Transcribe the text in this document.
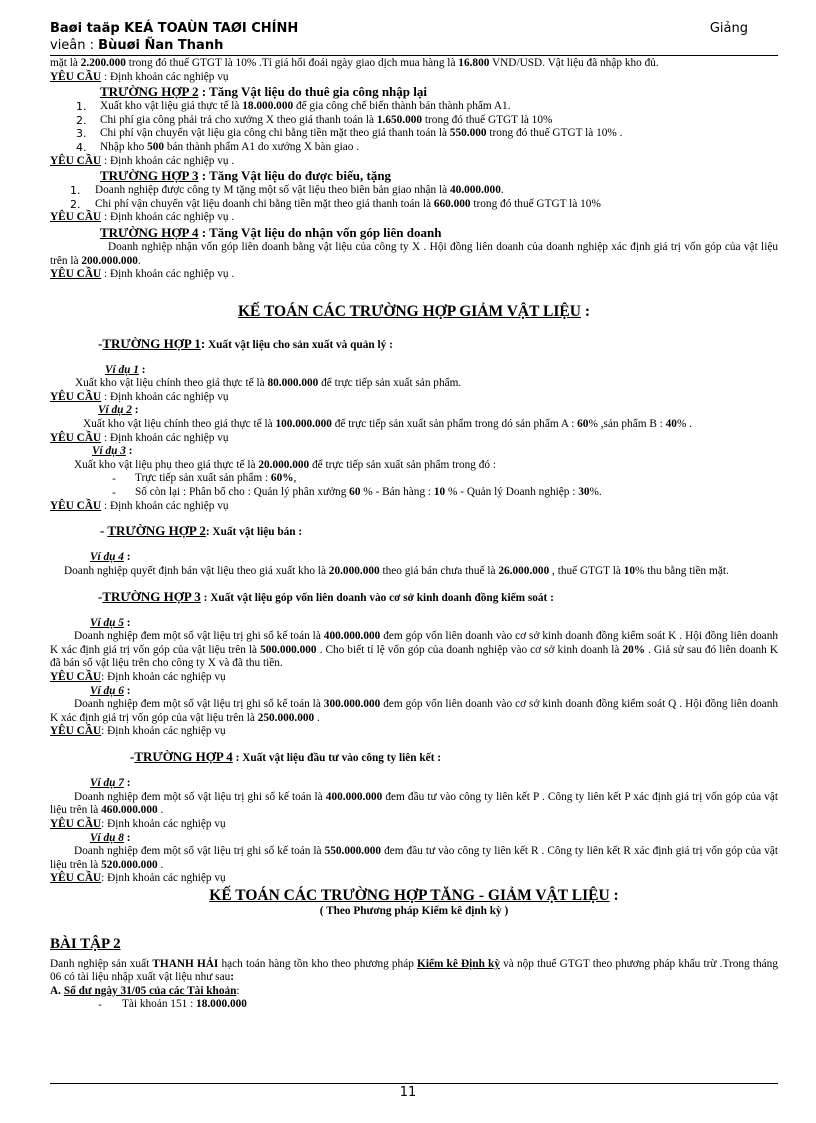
Baøi taäp KEÁ TOAÙN TAØI CHÍNH	Giảng
vieân : Bùuøi Ñan Thanh

mặt là 2.200.000 trong đó thuế GTGT là 10% .Tỉ giá hối đoái ngày giao dịch mua hàng là 16.800 VND/USD. Vật liệu đã nhập kho đủ.

YÊU CẦU : Định khoản các nghiệp vụ

TRƯỜNG HỢP 2 : Tăng Vật liệu do thuê gia công nhập lại

1. Xuất kho vật liệu giá thực tế là 18.000.000 để gia công chế biến thành bán thành phẩm A1.
2. Chi phí gia công phải trả cho xưởng X theo giá thanh toán là 1.650.000 trong đó thuế GTGT là 10%
3. Chi phí vận chuyển vật liệu gia công chi bằng tiền mặt theo giá thanh toán là 550.000 trong đó thuế GTGT là 10% .
4. Nhập kho 500 bán thành phẩm A1 do xưởng X bàn giao .

YÊU CẦU : Định khoản các nghiệp vụ .

TRƯỜNG HỢP 3 : Tăng Vật liệu do được biếu, tặng

1. Doanh nghiệp được công ty M tặng một số vật liệu theo biên bản giao nhận là 40.000.000.
2. Chi phí vận chuyển vật liệu doanh chi bằng tiền mặt theo giá thanh toán là 660.000 trong đó thuế GTGT là 10%

YÊU CẦU : Định khoản các nghiệp vụ .

TRƯỜNG HỢP 4 : Tăng Vật liệu do nhận vốn góp liên doanh

Doanh nghiệp nhận vốn góp liên doanh bằng vật liệu của công ty X . Hội đồng liên doanh của doanh nghiệp xác định giá trị vốn góp của vật liệu trên là 200.000.000.

YÊU CẦU : Định khoản các nghiệp vụ .

KẾ TOÁN CÁC TRƯỜNG HỢP GIẢM VẬT LIỆU :

-TRƯỜNG HỢP 1: Xuất vật liệu cho sản xuất và quản lý :

Ví dụ 1 :

Xuất kho vật liệu chính theo giá thực tế là 80.000.000 để trực tiếp sản xuất sản phẩm.

YÊU CẦU : Định khoản các nghiệp vụ

Ví dụ 2 :

Xuất kho vật liệu chính theo giá thực tế là 100.000.000 để trực tiếp sản xuất sản phẩm trong dó sản phẩm A : 60% ,sản phẩm B : 40% .

YÊU CẦU : Định khoản các nghiệp vụ

Ví dụ 3 :

Xuất kho vật liệu phụ theo giá thực tế là 20.000.000 để trực tiếp sản xuất sản phẩm trong đó :

- Trực tiếp sản xuất sản phẩm : 60%,
- Số còn lại : Phân bổ cho : Quản lý phân xưởng 60 % - Bán hàng : 10 % - Quản lý Doanh nghiệp : 30%.

YÊU CẦU : Định khoản các nghiệp vụ

- TRƯỜNG HỢP 2: Xuất vật liệu bán :

Ví dụ 4 :

Doanh nghiệp quyết định bán vật liệu theo giá xuất kho là 20.000.000 theo giá bán chưa thuế là 26.000.000 , thuế GTGT là 10% thu bằng tiền mặt.

-TRƯỜNG HỢP 3 : Xuất vật liệu góp vốn liên doanh vào cơ sở kinh doanh đồng kiểm soát :

Ví dụ 5 :

Doanh nghiệp đem một số vật liệu trị ghi sổ kế toán là 400.000.000 đem góp vốn liên doanh vào cơ sở kinh doanh đồng kiểm soát K . Hội đồng liên doanh K xác định giá trị vốn góp của vật liệu trên là 500.000.000 . Cho biết tỉ lệ vốn góp của doanh nghiệp vào cơ sở kinh doanh là 20% . Giả sử sau đó liên doanh K đã bán số vật liệu trên cho công ty X và đã thu tiền.

YÊU CẦU: Định khoản các nghiệp vụ

Ví dụ 6 :

Doanh nghiệp đem một số vật liệu trị ghi sổ kế toán là 300.000.000 đem góp vốn liên doanh vào cơ sở kinh doanh đồng kiểm soát Q . Hội đồng liên doanh K xác định giá trị vốn góp của vật liệu trên là 250.000.000 .

YÊU CẦU: Định khoản các nghiệp vụ

-TRƯỜNG HỢP 4 : Xuất vật liệu đầu tư vào công ty liên kết :

Ví dụ 7 :

Doanh nghiệp đem một số vật liệu trị ghi sổ kế toán là 400.000.000 đem đầu tư vào công ty liên kết P . Công ty liên kết P xác định giá trị vốn góp của vật liệu trên là 460.000.000 .

YÊU CẦU: Định khoản các nghiệp vụ

Ví dụ 8 :

Doanh nghiệp đem một số vật liệu trị ghi sổ kế toán là 550.000.000 đem đầu tư vào công ty liên kết R . Công ty liên kết R xác định giá trị vốn góp của vật liệu trên là 520.000.000 .

YÊU CẦU: Định khoản các nghiệp vụ

KẾ TOÁN CÁC TRƯỜNG HỢP TĂNG - GIẢM VẬT LIỆU :

( Theo Phương pháp Kiểm kê định kỳ )

BÀI TẬP 2

Danh nghiệp sản xuất THANH HẢI hạch toán hàng tồn kho theo phương pháp Kiểm kê Định kỳ và nộp thuế GTGT theo phương pháp khấu trừ .Trong tháng 06 có tài liệu nhập xuất vật liệu như sau:

A. Số dư ngày 31/05 của các Tài khoản:

- Tài khoản 151 : 18.000.000
11
